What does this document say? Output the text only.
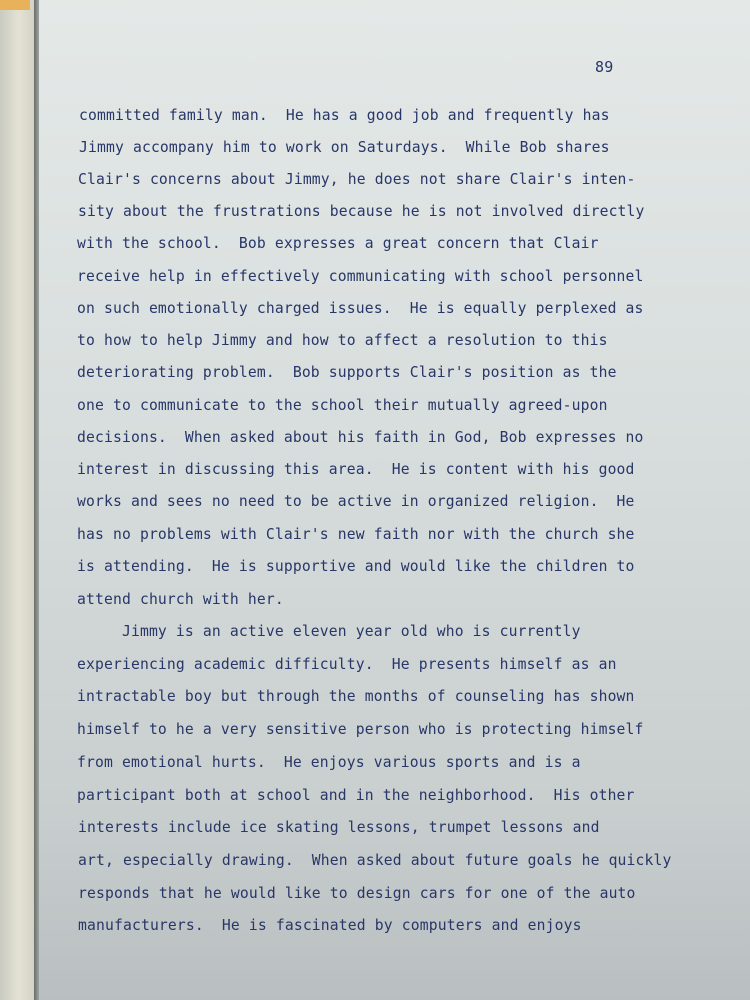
89
committed family man.  He has a good job and frequently has
Jimmy accompany him to work on Saturdays.  While Bob shares
Clair's concerns about Jimmy, he does not share Clair's inten-
sity about the frustrations because he is not involved directly
with the school.  Bob expresses a great concern that Clair
receive help in effectively communicating with school personnel
on such emotionally charged issues.  He is equally perplexed as
to how to help Jimmy and how to affect a resolution to this
deteriorating problem.  Bob supports Clair's position as the
one to communicate to the school their mutually agreed-upon
decisions.  When asked about his faith in God, Bob expresses no
interest in discussing this area.  He is content with his good
works and sees no need to be active in organized religion.  He
has no problems with Clair's new faith nor with the church she
is attending.  He is supportive and would like the children to
attend church with her.
Jimmy is an active eleven year old who is currently
experiencing academic difficulty.  He presents himself as an
intractable boy but through the months of counseling has shown
himself to he a very sensitive person who is protecting himself
from emotional hurts.  He enjoys various sports and is a
participant both at school and in the neighborhood.  His other
interests include ice skating lessons, trumpet lessons and
art, especially drawing.  When asked about future goals he quickly
responds that he would like to design cars for one of the auto
manufacturers.  He is fascinated by computers and enjoys
